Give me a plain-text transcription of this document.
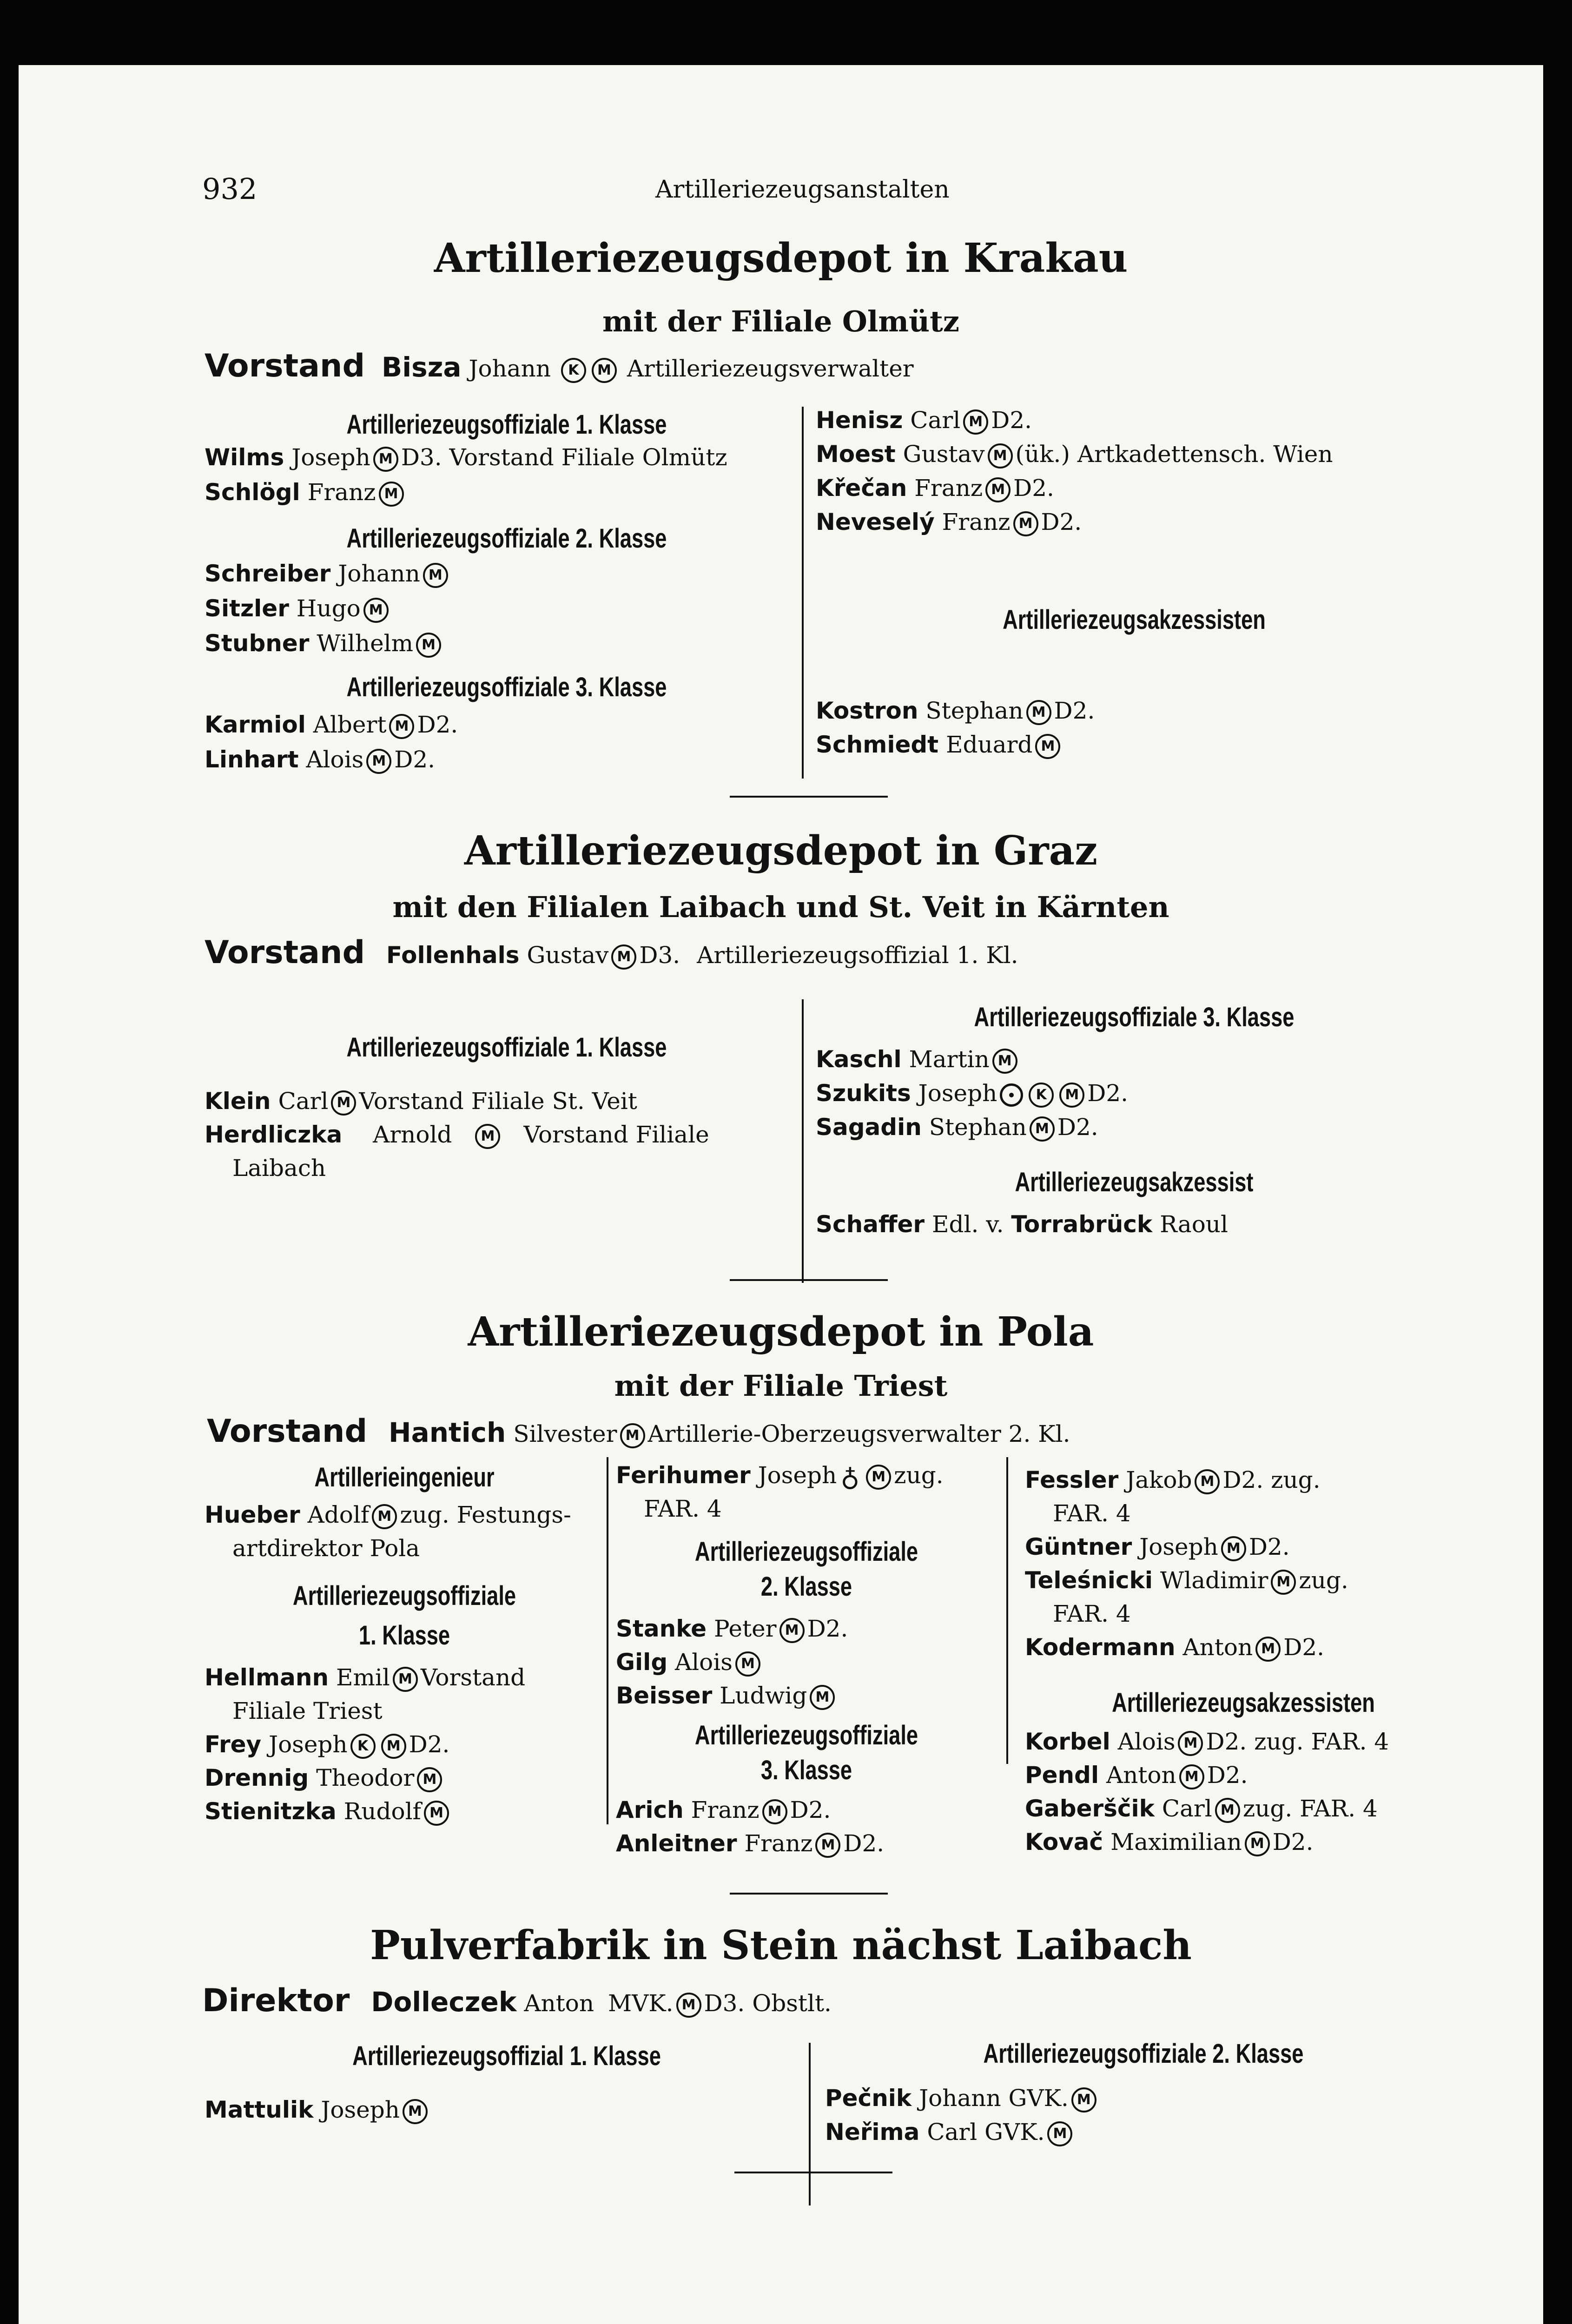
932	Artilleriezeugsanstalten
Artilleriezeugsdepot in Krakau
mit der Filiale Olmütz
Vorstand Bisza Johann K M Artilleriezeugsverwalter
Artilleriezeugsoffiziale 1. Klasse
Wilms Joseph M D3. Vorstand Filiale Olmütz
Schlögl Franz M
Artilleriezeugsoffiziale 2. Klasse
Schreiber Johann M
Sitzler Hugo M
Stubner Wilhelm M
Artilleriezeugsoffiziale 3. Klasse
Karmiol Albert M D2.
Linhart Alois M D2.
Henisz Carl M D2.
Moest Gustav M (ük.) Artkadettensch. Wien
Křečan Franz M D2.
Neveselý Franz M D2.
Artilleriezeugsakzessisten
Kostron Stephan M D2.
Schmiedt Eduard M
Artilleriezeugsdepot in Graz
mit den Filialen Laibach und St. Veit in Kärnten
Vorstand Follenhals Gustav M D3. Artilleriezeugsoffizial 1. Kl.
Artilleriezeugsoffiziale 1. Klasse
Klein Carl M Vorstand Filiale St. Veit
Herdliczka Arnold M Vorstand Filiale
Laibach
Artilleriezeugsoffiziale 3. Klasse
Kaschl Martin M
Szukits Joseph	K M D2.
Sagadin Stephan M D2.
Artilleriezeugsakzessist
Schaffer Edl. v. Torrabrück Raoul
Artilleriezeugsdepot in Pola
mit der Filiale Triest
Vorstand Hantich Silvester M Artillerie-Oberzeugsverwalter 2. Kl.
Artillerieingenieur
Hueber Adolf M zug. Festungs-
artdirektor Pola
Artilleriezeugsoffiziale
1. Klasse
Hellmann Emil M Vorstand
Filiale Triest
Frey Joseph K M D2.
Drennig Theodor M
Stienitzka Rudolf M
Ferihumer Joseph ♁ M zug.
FAR. 4
Artilleriezeugsoffiziale
2. Klasse
Stanke Peter M D2.
Gilg Alois M
Beisser Ludwig M
Artilleriezeugsoffiziale
3. Klasse
Arich Franz M D2.
Anleitner Franz M D2.
Fessler Jakob M D2. zug.
FAR. 4
Güntner Joseph M D2.
Teleśnicki Wladimir M zug.
FAR. 4
Kodermann Anton M D2.
Artilleriezeugsakzessisten
Korbel Alois M D2. zug. FAR. 4
Pendl Anton M D2.
Gaberščik Carl M zug. FAR. 4
Kovač Maximilian M D2.
Pulverfabrik in Stein nächst Laibach
Direktor Dolleczek Anton MVK. M D3. Obstlt.
Artilleriezeugsoffizial 1. Klasse
Mattulik Joseph M
Artilleriezeugsoffiziale 2. Klasse
Pečnik Johann GVK. M
Neřima Carl GVK. M
